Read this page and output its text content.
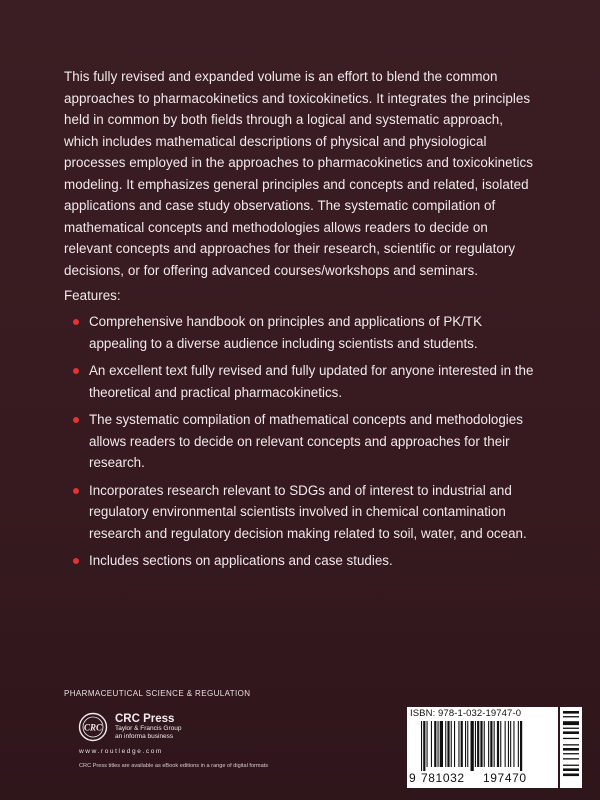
This fully revised and expanded volume is an effort to blend the common approaches to pharmacokinetics and toxicokinetics. It integrates the principles held in common by both fields through a logical and systematic approach, which includes mathematical descriptions of physical and physiological processes employed in the approaches to pharmacokinetics and toxicokinetics modeling. It emphasizes general principles and concepts and related, isolated applications and case study observations. The systematic compilation of mathematical concepts and methodologies allows readers to decide on relevant concepts and approaches for their research, scientific or regulatory decisions, or for offering advanced courses/workshops and seminars.

Features:

Comprehensive handbook on principles and applications of PK/TK appealing to a diverse audience including scientists and students.
An excellent text fully revised and fully updated for anyone interested in the theoretical and practical pharmacokinetics.
The systematic compilation of mathematical concepts and methodologies allows readers to decide on relevant concepts and approaches for their research.
Incorporates research relevant to SDGs and of interest to industrial and regulatory environmental scientists involved in chemical contamination research and regulatory decision making related to soil, water, and ocean.
Includes sections on applications and case studies.
PHARMACEUTICAL SCIENCE & REGULATION
CRC
CRC Press
Taylor & Francis Group
an informa business
www.routledge.com
CRC Press titles are available as eBook editions in a range of digital formats
ISBN: 978-1-032-19747-0
9 781032 197470
